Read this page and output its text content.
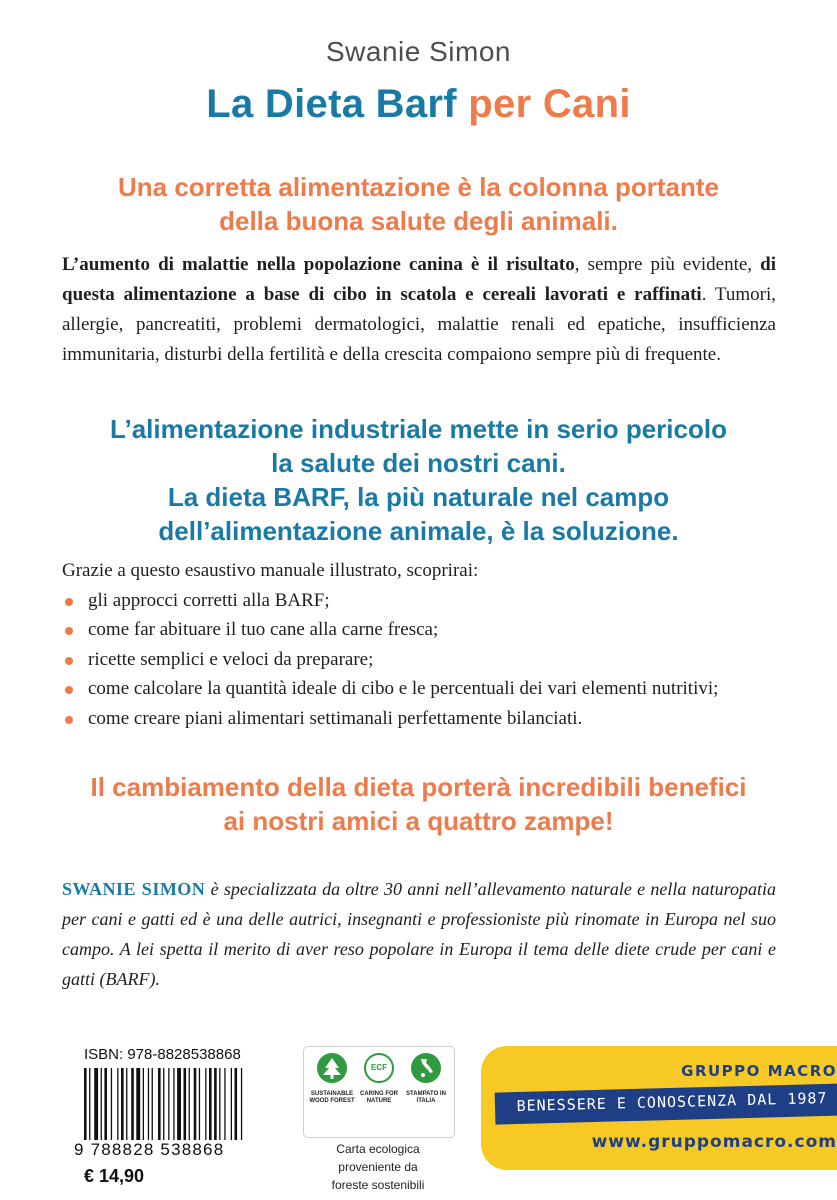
Swanie Simon
La Dieta Barf per Cani
Una corretta alimentazione è la colonna portante
della buona salute degli animali.
L’aumento di malattie nella popolazione canina è il risultato, sempre più evidente, di questa alimentazione a base di cibo in scatola e cereali lavorati e raffinati. Tumori, allergie, pancreatiti, problemi dermatologici, malattie renali ed epatiche, insufficienza immunitaria, disturbi della fertilità e della crescita compaiono sempre più di frequente.
L’alimentazione industriale mette in serio pericolo
la salute dei nostri cani.
La dieta BARF, la più naturale nel campo
dell’alimentazione animale, è la soluzione.
Grazie a questo esaustivo manuale illustrato, scoprirai:
gli approcci corretti alla BARF;
come far abituare il tuo cane alla carne fresca;
ricette semplici e veloci da preparare;
come calcolare la quantità ideale di cibo e le percentuali dei vari elementi nutritivi;
come creare piani alimentari settimanali perfettamente bilanciati.
Il cambiamento della dieta porterà incredibili benefici
ai nostri amici a quattro zampe!
SWANIE SIMON è specializzata da oltre 30 anni nell’allevamento naturale e nella naturopatia per cani e gatti ed è una delle autrici, insegnanti e professioniste più rinomate in Europa nel suo campo. A lei spetta il merito di aver reso popolare in Europa il tema delle diete crude per cani e gatti (BARF).
ISBN: 978-8828538868
9 788828 538868
€ 14,90
ECF
SUSTAINABLE WOOD FOREST
CARING FOR NATURE
STAMPATO IN ITALIA
Carta ecologica
proveniente da
foreste sostenibili
GRUPPO MACRO
BENESSERE E CONOSCENZA DAL 1987
www.gruppomacro.com
